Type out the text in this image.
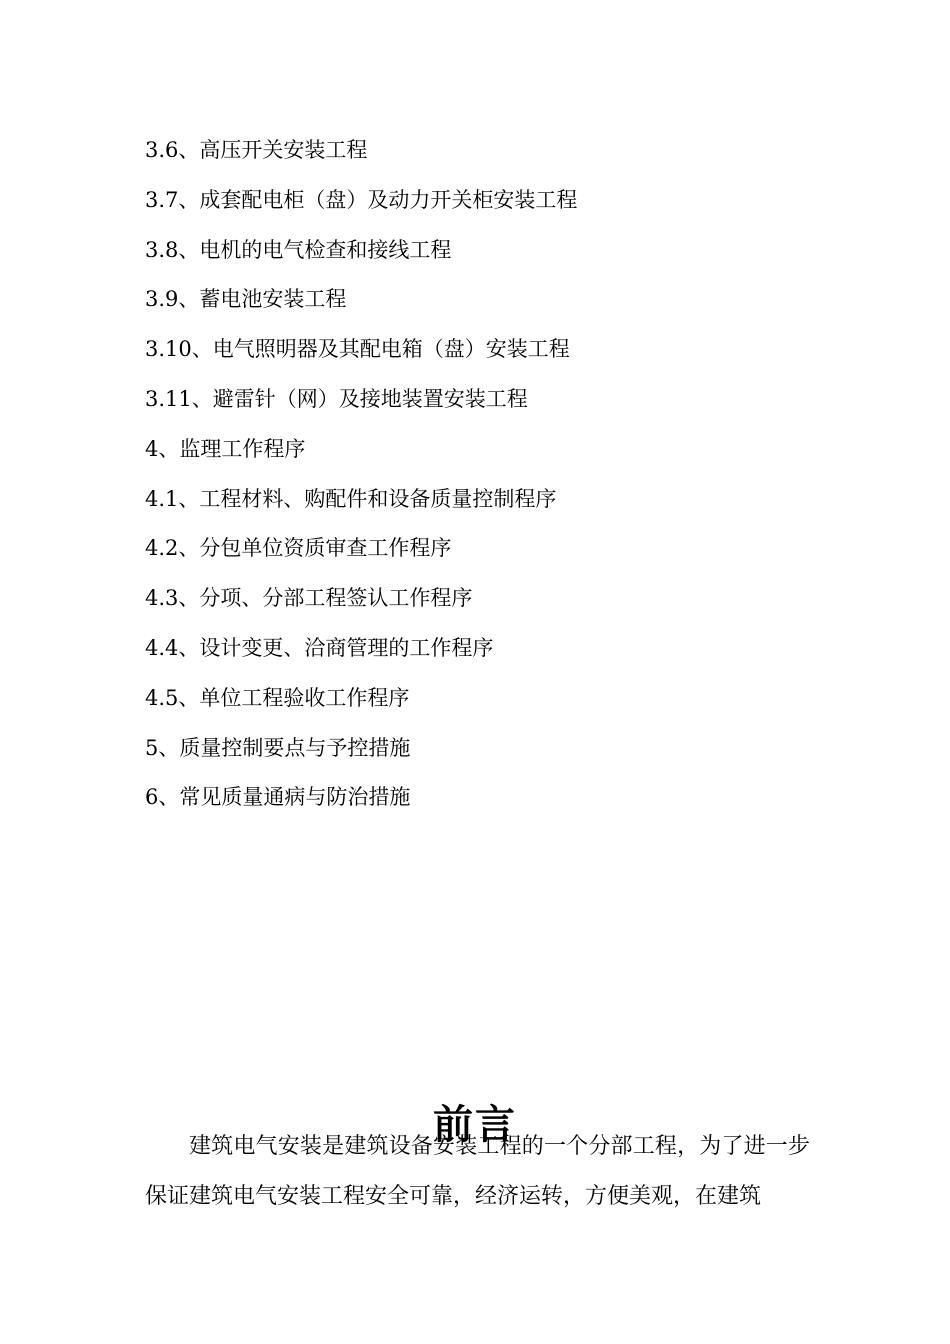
3.6、高压开关安装工程
3.7、成套配电柜（盘）及动力开关柜安装工程
3.8、电机的电气检查和接线工程
3.9、蓄电池安装工程
3.10、电气照明器及其配电箱（盘）安装工程
3.11、避雷针（网）及接地装置安装工程
4、监理工作程序
4.1、工程材料、购配件和设备质量控制程序
4.2、分包单位资质审查工作程序
4.3、分项、分部工程签认工作程序
4.4、设计变更、洽商管理的工作程序
4.5、单位工程验收工作程序
5、质量控制要点与予控措施
6、常见质量通病与防治措施
前言

建筑电气安装是建筑设备安装工程的一个分部工程，为了进一步保证建筑电气安装工程安全可靠，经济运转，方便美观，在建筑
